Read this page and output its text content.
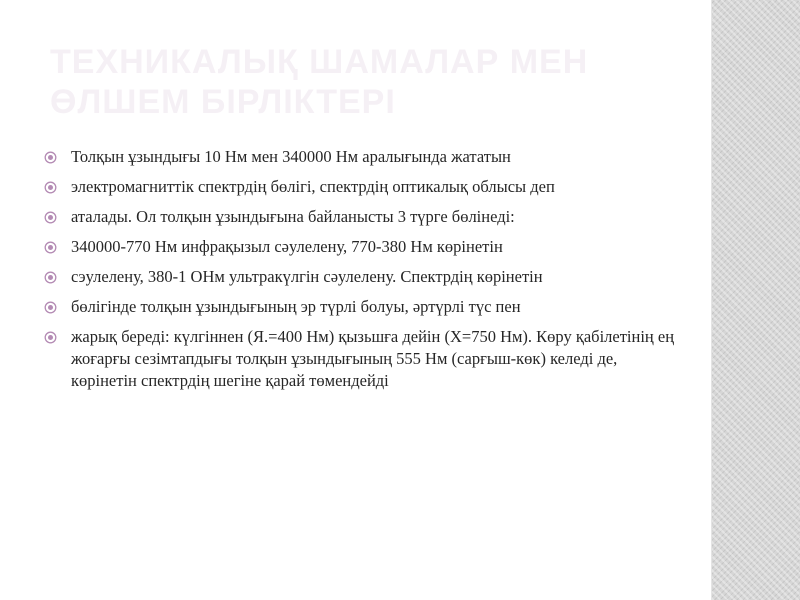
ТЕХНИКАЛЫҚ ШАМАЛАР МЕН
ӨЛШЕМ БІРЛІКТЕРІ
Толқын ұзындығы 10 Нм мен 340000 Нм аралығында жататын
электромагниттік спектрдің бөлігі, спектрдің оптикалық облысы деп
аталады. Ол толқын ұзындығына байланысты 3 түрге бөлінеді:
340000-770 Нм инфрақызыл сәулелену, 770-380 Нм көрінетін
сэулелену, 380-1 ОНм ультракүлгін сәулелену. Спектрдің көрінетін
бөлігінде толқын ұзындығының эр түрлі болуы, әртүрлі түс пен
жарық береді: күлгіннен (Я.=400 Нм) қызьшға дейін (Х=750 Нм). Көру қабілетінің ең жоғарғы сезімтапдығы толқын ұзындығының 555 Нм (сарғыш-көк) келеді де, көрінетін спектрдің шегіне қарай төмендейді
